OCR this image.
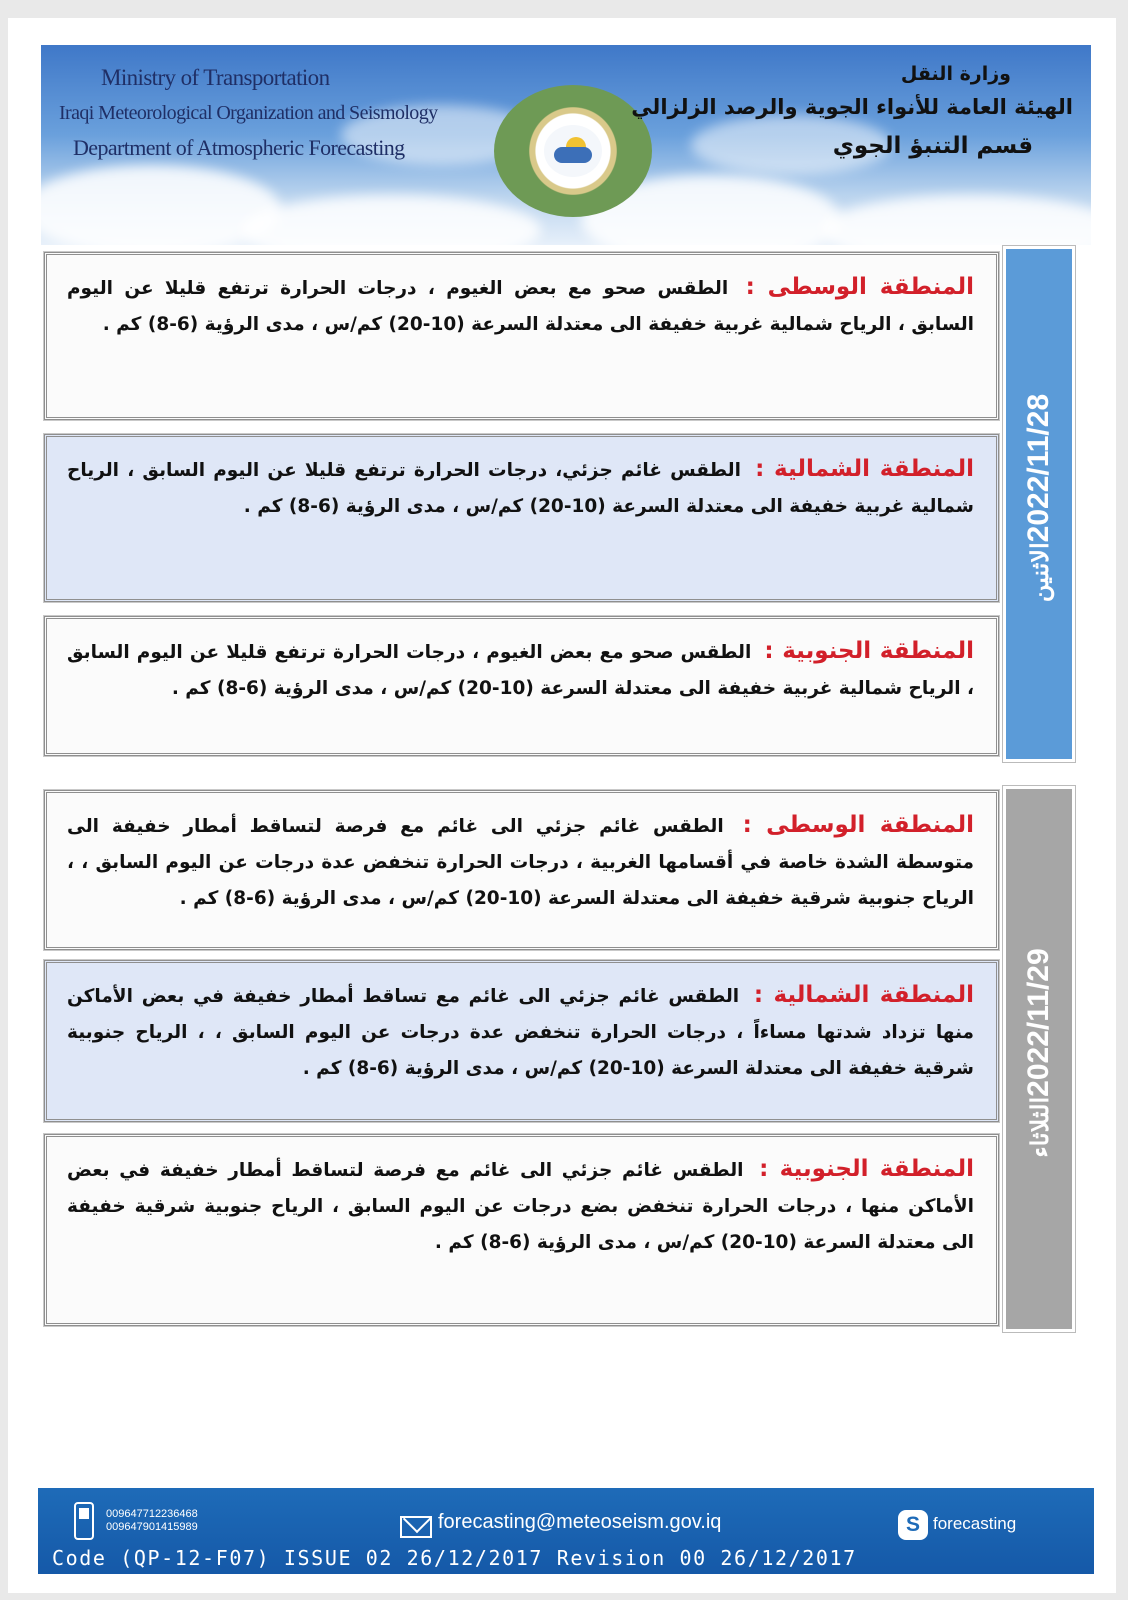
Ministry of Transportation
Iraqi Meteorological Organization and Seismology
Department of Atmospheric Forecasting
وزارة النقل
الهيئة العامة للأنواء الجوية والرصد الزلزالي
قسم التنبؤ الجوي
2022/11/28الاثنين

المنطقة الوسطى : الطقس صحو مع بعض الغيوم ، درجات الحرارة ترتفع قليلا عن اليوم السابق ، الرياح شمالية غربية خفيفة الى معتدلة السرعة (10-20) كم/س ، مدى الرؤية (6-8) كم .

المنطقة الشمالية : الطقس غائم جزئي، درجات الحرارة ترتفع قليلا عن اليوم السابق ، الرياح شمالية غربية خفيفة الى معتدلة السرعة (10-20) كم/س ، مدى الرؤية (6-8) كم .

المنطقة الجنوبية : الطقس صحو مع بعض الغيوم ، درجات الحرارة ترتفع قليلا عن اليوم السابق ، الرياح شمالية غربية خفيفة الى معتدلة السرعة (10-20) كم/س ، مدى الرؤية (6-8) كم .

2022/11/29الثلاثاء

المنطقة الوسطى : الطقس غائم جزئي الى غائم مع فرصة لتساقط أمطار خفيفة الى متوسطة الشدة خاصة في أقسامها الغربية ، درجات الحرارة تنخفض عدة درجات عن اليوم السابق ، ، الرياح جنوبية شرقية خفيفة الى معتدلة السرعة (10-20) كم/س ، مدى الرؤية (6-8) كم .

المنطقة الشمالية : الطقس غائم جزئي الى غائم مع تساقط أمطار خفيفة في بعض الأماكن منها تزداد شدتها مساءاً ، درجات الحرارة تنخفض عدة درجات عن اليوم السابق ، ، الرياح جنوبية شرقية خفيفة الى معتدلة السرعة (10-20) كم/س ، مدى الرؤية (6-8) كم .

المنطقة الجنوبية : الطقس غائم جزئي الى غائم مع فرصة لتساقط أمطار خفيفة في بعض الأماكن منها ، درجات الحرارة تنخفض بضع درجات عن اليوم السابق ، الرياح جنوبية شرقية خفيفة الى معتدلة السرعة (10-20) كم/س ، مدى الرؤية (6-8) كم .

009647712236468
009647901415989	forecasting@meteoseism.gov.iq	S forecasting
Code (QP-12-F07) ISSUE 02 26/12/2017 Revision 00 26/12/2017
